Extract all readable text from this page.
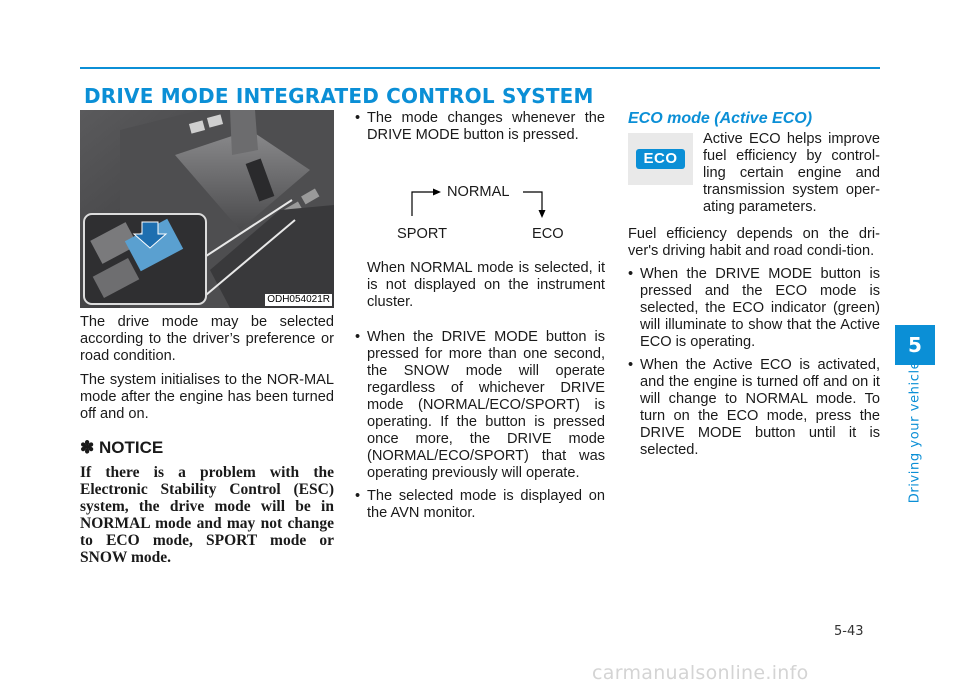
DRIVE MODE INTEGRATED CONTROL SYSTEM
ODH054021R

The drive mode may be selected according to the driver’s preference or road condition.

The system initialises to the NOR-MAL mode after the engine has been turned off and on.

✽ NOTICE
If there is a problem with the Electronic Stability Control (ESC) system, the drive mode will be in NORMAL mode and may not change to ECO mode, SPORT mode or SNOW mode.
• The mode changes whenever the DRIVE MODE button is pressed.
NORMAL
SPORT	ECO

When NORMAL mode is selected, it is not displayed on the instrument cluster.

• When the DRIVE MODE button is pressed for more than one second, the SNOW mode will operate regardless of whichever DRIVE mode (NORMAL/ECO/SPORT) is operating. If the button is pressed once more, the DRIVE mode (NORMAL/ECO/SPORT) that was operating previously will operate.
• The selected mode is displayed on the AVN monitor.
ECO mode (Active ECO)
ECO

Active ECO helps improve fuel efficiency by control-ling certain engine and transmission system oper-ating parameters.

Fuel efficiency depends on the dri-ver's driving habit and road condi-tion.

• When the DRIVE MODE button is pressed and the ECO mode is selected, the ECO indicator (green) will illuminate to show that the Active ECO is operating.
• When the Active ECO is activated, and the engine is turned off and on it will change to NORMAL mode. To turn on the ECO mode, press the DRIVE MODE button until it is selected.
5
Driving your vehicle
5-43
carmanualsonline.info
